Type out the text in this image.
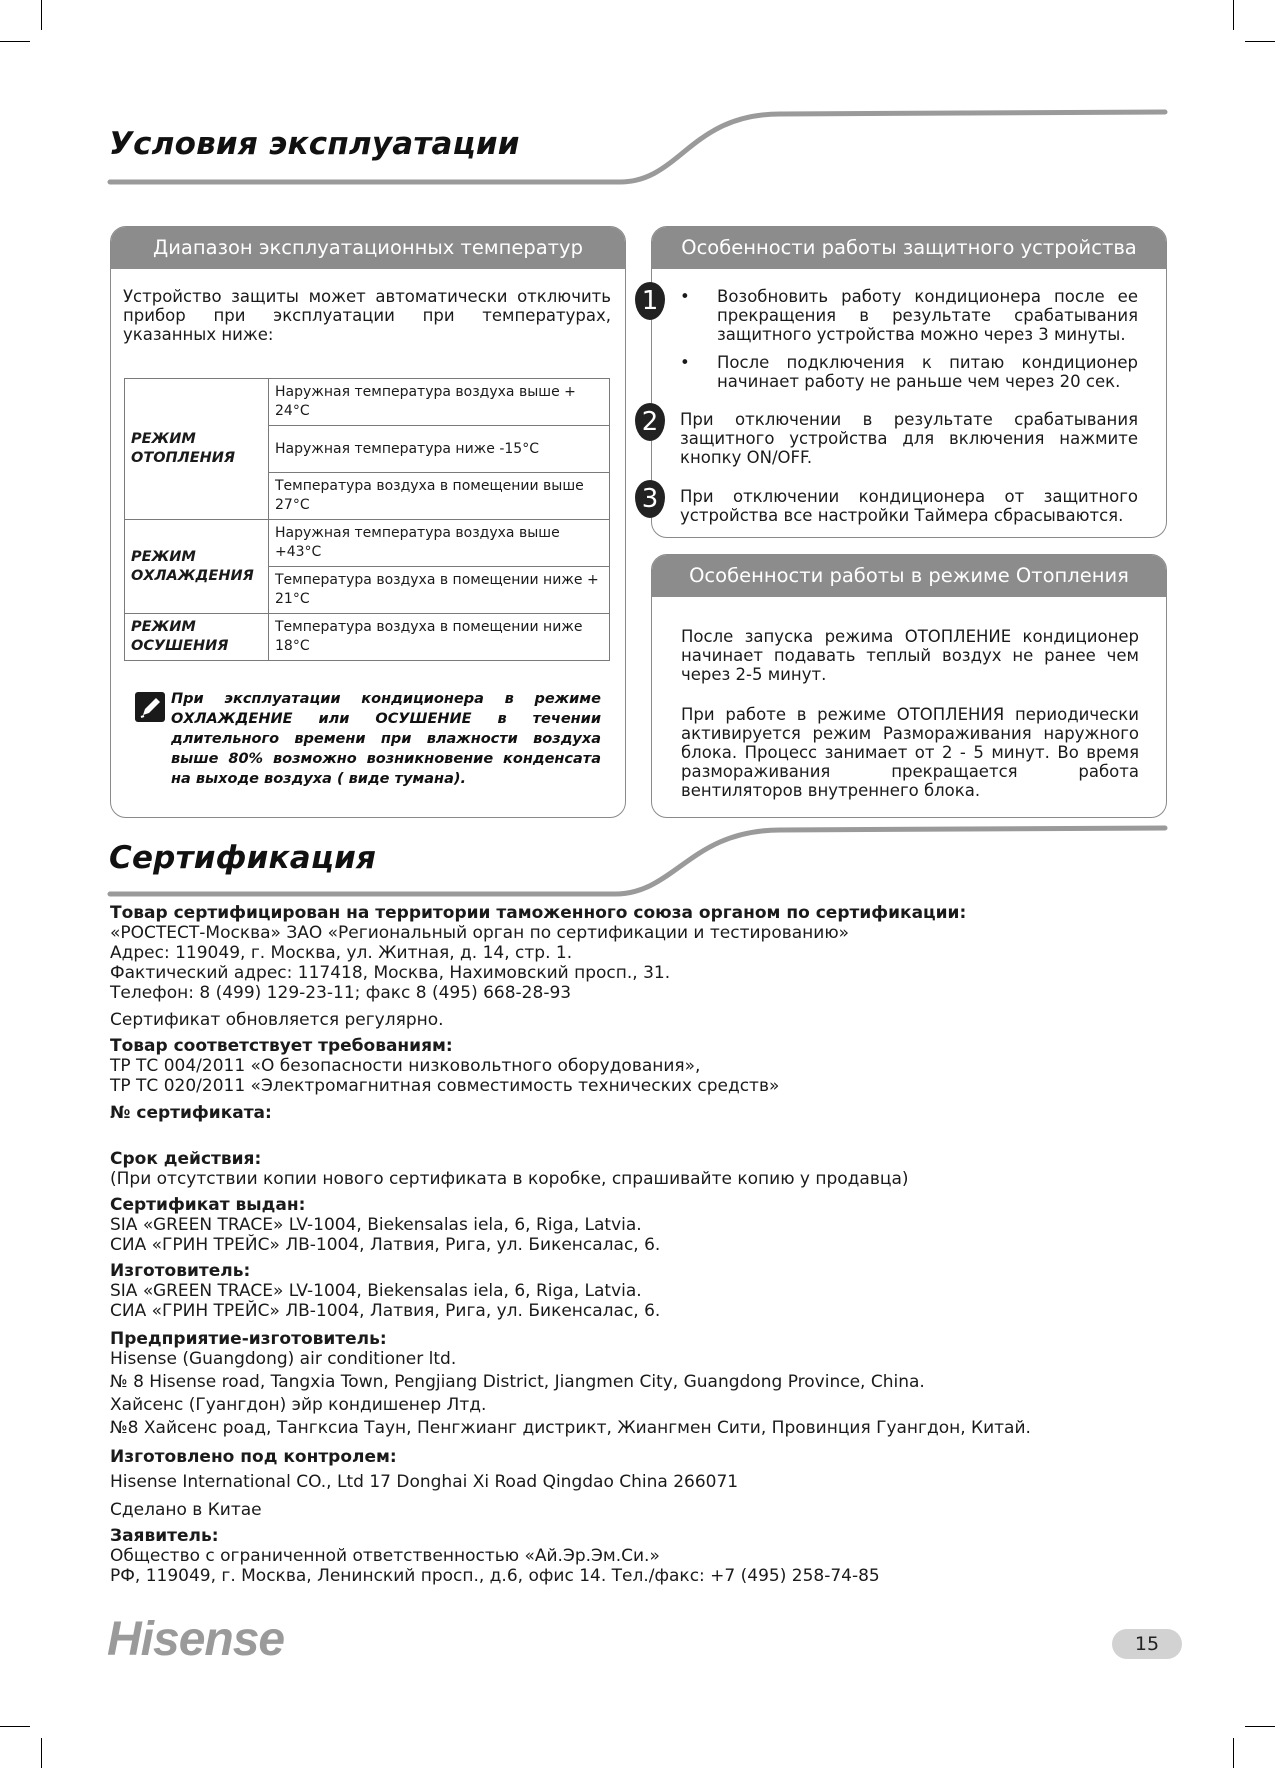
Условия эксплуатации
Диапазон эксплуатационных температур
Устройство защиты может автоматически отключить прибор при эксплуатации при температурах, указанных ниже:
РЕЖИМ ОТОПЛЕНИЯ	Наружная температура воздуха выше + 24°С
	Наружная температура ниже -15°С
	Температура воздуха в помещении выше 27°С
РЕЖИМ ОХЛАЖДЕНИЯ	Наружная температура воздуха выше +43°С
	Температура воздуха в помещении ниже + 21°С
РЕЖИМ ОСУШЕНИЯ	Температура воздуха в помещении ниже 18°С
При эксплуатации кондиционера в режиме ОХЛАЖДЕНИЕ или ОСУШЕНИЕ в течении длительного времени при влажности воздуха выше 80% возможно возникновение конденсата на выходе воздуха ( виде тумана).
Особенности работы защитного устройства
1	• Возобновить работу кондиционера после ее прекращения в результате срабатывания защитного устройства можно через 3 минуты.
• После подключения к питаю кондиционер начинает работу не раньше чем через 20 сек.
2	При отключении в результате срабатывания защитного устройства для включения нажмите кнопку ON/OFF.
3	При отключении кондиционера от защитного устройства все настройки Таймера сбрасываются.
Особенности работы в режиме Отопления
После запуска режима ОТОПЛЕНИЕ кондиционер начинает подавать теплый воздух не ранее чем через 2-5 минут.
При работе в режиме ОТОПЛЕНИЯ периодически активируется режим Размораживания наружного блока. Процесс занимает от 2 - 5 минут. Во время размораживания прекращается работа вентиляторов внутреннего блока.
Сертификация
Товар сертифицирован на территории таможенного союза органом по сертификации:
«РОСТЕСТ-Москва» ЗАО «Региональный орган по сертификации и тестированию»
Адрес: 119049, г. Москва, ул. Житная, д. 14, стр. 1.
Фактический адрес: 117418, Москва, Нахимовский просп., 31.
Телефон: 8 (499) 129-23-11; факс 8 (495) 668-28-93
Сертификат обновляется регулярно.
Товар соответствует требованиям:
ТР ТС 004/2011 «О безопасности низковольтного оборудования»,
ТР ТС 020/2011 «Электромагнитная совместимость технических средств»
№ сертификата:
Срок действия:
(При отсутствии копии нового сертификата в коробке, спрашивайте копию у продавца)
Сертификат выдан:
SIA «GREEN TRACE» LV-1004, Biekensalas iela, 6, Riga, Latvia.
СИА «ГРИН ТРЕЙС» ЛВ-1004, Латвия, Рига, ул. Бикенсалас, 6.
Изготовитель:
SIA «GREEN TRACE» LV-1004, Biekensalas iela, 6, Riga, Latvia.
СИА «ГРИН ТРЕЙС» ЛВ-1004, Латвия, Рига, ул. Бикенсалас, 6.
Предприятие-изготовитель:
Hisense (Guangdong) air conditioner ltd.
№ 8 Hisense road, Tangxia Town, Pengjiang District, Jiangmen City, Guangdong Province, China.
Хайсенс (Гуангдон) эйр кондишенер Лтд.
№8 Хайсенс роад, Тангксиа Таун, Пенгжианг дистрикт, Жиангмен Сити, Провинция Гуангдон, Китай.
Изготовлено под контролем:
Hisense International CO., Ltd 17 Donghai Xi Road Qingdao China 266071
Сделано в Китае
Заявитель:
Общество с ограниченной ответственностью «Ай.Эр.Эм.Си.»
РФ, 119049, г. Москва, Ленинский просп., д.6, офис 14. Тел./факс: +7 (495) 258-74-85
Hisense	15
